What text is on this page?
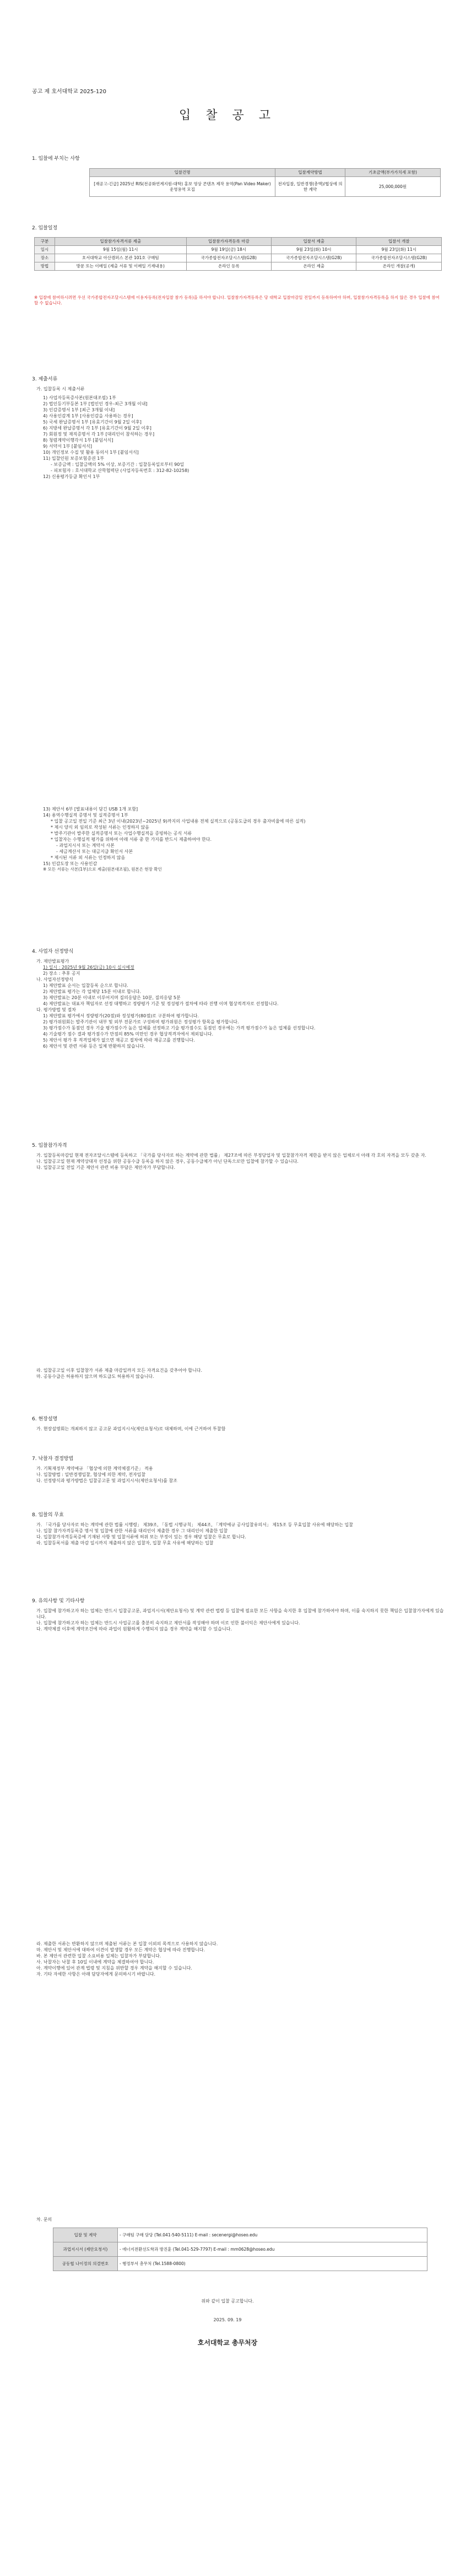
공고 제 호서대학교 2025-120
입 찰 공 고
1. 입찰에 부치는 사항
입찰건명	입찰계약방법	기초금액(부가가치세 포함)
[재공고-긴급] 2025년 RIS(전공화연계지원-대학) 홍보 영상 콘텐츠 제작 용역(Pan Video Maker) 운영용역 모집	전자입찰, 일반경쟁(총액)/협상에 의한 계약	25,000,000원
2. 입찰일정
구분	입찰참가자격서류 제출	입찰참가자격등록 마감	입찰서 제출	입찰서 개찰
일시	9월 15일(월) 11시	9월 19일(금) 18시	9월 23일(화) 10시	9월 23일(화) 11시
장소	호서대학교 아산캠퍼스 본관 101호 구매팀	국가종합전자조달시스템(G2B)	국가종합전자조달시스템(G2B)	국가종합전자조달시스템(G2B)
방법	방문 또는 이메일 (제출 서류 및 이메일 기재내용)	온라인 등록	온라인 제출	온라인 개찰(공개)
※ 입찰에 참여하시려면 우선 국가종합전자조달시스템에 이용자등록(전자입찰 참가 등록)을 하셔야 합니다. 입찰참가자격등록은 당 대학교 입찰마감일 전일까지 등록하여야 하며, 입찰참가자격등록을 하지 않은 경우 입찰에 참여할 수 없습니다.
3. 제출서류
가. 입찰등록 시 제출서류
1) 사업자등록증사본(원본대조필) 1부
2) 법인등기부등본 1부 [법인인 경우-최근 3개월 이내]
3) 인감증명서 1부 [최근 3개월 이내]
4) 사용인감계 1부 [사용인감을 사용하는 경우]
5) 국세 완납증명서 1부 [유효기간이 9월 2일 이후]
6) 지방세 완납증명서 각 1부 [유효기간이 9월 2일 이후]
7) 회원정 및 재직증명서 각 1부 [대리인이 참석하는 경우]
8) 청렴계약이행각서 1부 [붙임서식]
9) 서약서 1부 [붙임서식]
10) 개인정보 수집 및 활용 동의서 1부 [붙임서식]
11) 입찰인원 보증보험증권 1부
- 보증금액 : 입찰금액의 5% 이상, 보증기간 : 입찰등록일로부터 90일
- 피보험자 : 호서대학교 산학협력단 (사업자등록번호 : 312-82-10258)
12) 신용평가등급 확인서 1부
13) 제안서 6부 [발표내용이 담긴 USB 1개 포함]
14) 용역수행실적 증명서 및 실적증명서 1부
* 입찰 공고일 전일 기준 최근 3년 이내(2023년~2025년 9)까지의 사업내용 전체 실적으로 (공동도급의 경우 출자비율에 따른 실적)
* 제시 양식 외 임의로 작성된 서류는 인정하지 않음
* 발주기관이 발주한 실적증명서 또는 사업수행실적을 증빙하는 공식 서류
* 입찰자는 수행실적 평가를 위하여 아래 서류 중 한 가지를 반드시 제출하여야 한다.
- 과업지시서 또는 계약서 사본
- 세금계산서 또는 대금지급 확인서 사본
* 제시된 서류 외 서류는 인정하지 않음
15) 인감도장 또는 사용인감
※ 모든 서류는 사본(1부)으로 제출(원본대조필), 원본은 현장 확인
4. 사업자 선정방식
가. 제안발표평가
1) 일시 : 2025년 9월 26일(금) 10시 실시예정
2) 장소 : 추후 공지
나. 사업자선정방식
1) 제안발표 순서는 입찰등록 순으로 합니다.
2) 제안발표 평가는 각 업체당 15분 이내로 합니다.
3) 제안발표는 20분 이내로 이루어지며 질의응답은 10분, 질의응답 5분
4) 제안발표는 대표자 책임자로 선정 대행하고 정량평가 기준 및 정성평가 절차에 따라 진행 이며 협상적격자로 선정합니다.
다. 평가방법 및 절차
1) 제안발표 평가에서 정량평가(20점)와 정성평가(80점)로 구분하여 평가합니다.
2) 평가위원회는 발주기관이 내부 및 외부 전문가로 구성하며 평가위원은 정성평가 항목을 평가합니다.
3) 평가점수가 동점인 경우 기술 평가점수가 높은 업체를 선정하고 기술 평가점수도 동점인 경우에는 가격 평가점수가 높은 업체를 선정합니다.
4) 기술평가 점수 결과 평가점수가 만점의 85% 미만인 경우 협상적격자에서 제외됩니다.
5) 제안서 평가 후 적격업체가 없으면 재공고 절차에 따라 재공고를 진행합니다.
6) 제안서 및 관련 서류 등은 일체 반환하지 않습니다.
5. 입찰참가자격
가. 입찰등록마감일 현재 전자조달시스템에 등록하고 「국가를 당사자로 하는 계약에 관한 법률」 제27조에 따른 부정당업자 및 입찰참가자격 제한을 받지 않은 업체로서 아래 각 호의 자격을 모두 갖춘 자.
나. 입찰공고일 현재 계약상대자 선정을 위한 공동수급 등록을 하지 않은 경우, 공동수급체가 아닌 단독으로만 입찰에 참가할 수 있습니다.
다. 입찰공고일 전일 기준 제안서 관련 비용 부담은 제안자가 부담합니다.
라. 입찰공고일 이후 입찰참가 서류 제출 마감일까지 모든 자격요건을 갖추어야 합니다.
마. 공동수급은 허용하지 않으며 하도급도 허용하지 않습니다.
6. 현장설명
가. 현장설명회는 개최하지 않고 공고문 과업지시서(제안요청서)로 대체하며, 이에 근거하여 투찰함
7. 낙찰자 결정방법
가. 기획재정부 계약예규 「협상에 의한 계약체결기준」 적용
나. 입찰방법 : 일반경쟁입찰, 협상에 의한 계약, 전자입찰
다. 선정방식과 평가방법은 입찰공고문 및 과업지시서(제안요청서)를 참조
8. 입찰의 무효
가. 「국가를 당사자로 하는 계약에 관한 법률 시행령」 제39조, 「동법 시행규칙」 제44조, 「계약예규 공사입찰유의서」 제15조 등 무효입찰 사유에 해당하는 입찰
나. 입찰 참가자격등록증 명서 및 입찰에 관한 서류를 대리인이 제출한 경우 그 대리인이 제출한 입찰
다. 입찰참가자격등록증에 기재된 사항 및 입찰서류에 허위 또는 부정이 있는 경우 해당 입찰은 무효로 합니다.
라. 입찰등록서를 제출 마감 일시까지 제출하지 않은 입찰자, 입찰 무효 사유에 해당하는 입찰
9. 유의사항 및 기타사항
가. 입찰에 참가하고자 하는 업체는 반드시 입찰공고문, 과업지시서(제안요청서) 및 계약 관련 법령 등 입찰에 필요한 모든 사항을 숙지한 후 입찰에 참가하여야 하며, 이를 숙지하지 못한 책임은 입찰참가자에게 있습니다.
나. 입찰에 참가하고자 하는 업체는 반드시 사업공고를 충분히 숙지하고 제안서를 작성해야 하며 이로 인한 불이익은 제안사에게 있습니다.
다. 계약체결 이후에 계약조건에 따라 과업이 원활하게 수행되지 않을 경우 계약을 해지할 수 있습니다.
라. 제출한 서류는 반환하지 않으며 제출된 서류는 본 입찰 이외의 목적으로 사용하지 않습니다.
마. 제안서 및 제안서에 대하여 이견이 발생할 경우 모든 계약은 협상에 따라 진행합니다.
바. 본 제안서 관련한 입찰 소요비용 일체는 입찰자가 부담합니다.
사. 낙찰자는 낙찰 후 10일 이내에 계약을 체결하여야 합니다.
아. 계약이행에 있어 관계 법령 및 지침을 위반할 경우 계약을 해지할 수 있습니다.
자. 기타 자세한 사항은 아래 담당자에게 문의하시기 바랍니다.
차. 문의
입찰 및 계약	- 구매팀 구매 담당 (Tel.041-540-5111) E-mail : secenergi@hoseo.edu
과업지시서 (제안요청서)	- 에너지전환선도학과 방진훈 (Tel.041-529-7797) E-mail : mm0628@hoseo.edu
공동협 나이정의 의결번호	- 행정부서 총무처 (Tel.1588-0800)
위와 같이 입찰 공고합니다.
2025. 09. 19
호서대학교 총무처장
